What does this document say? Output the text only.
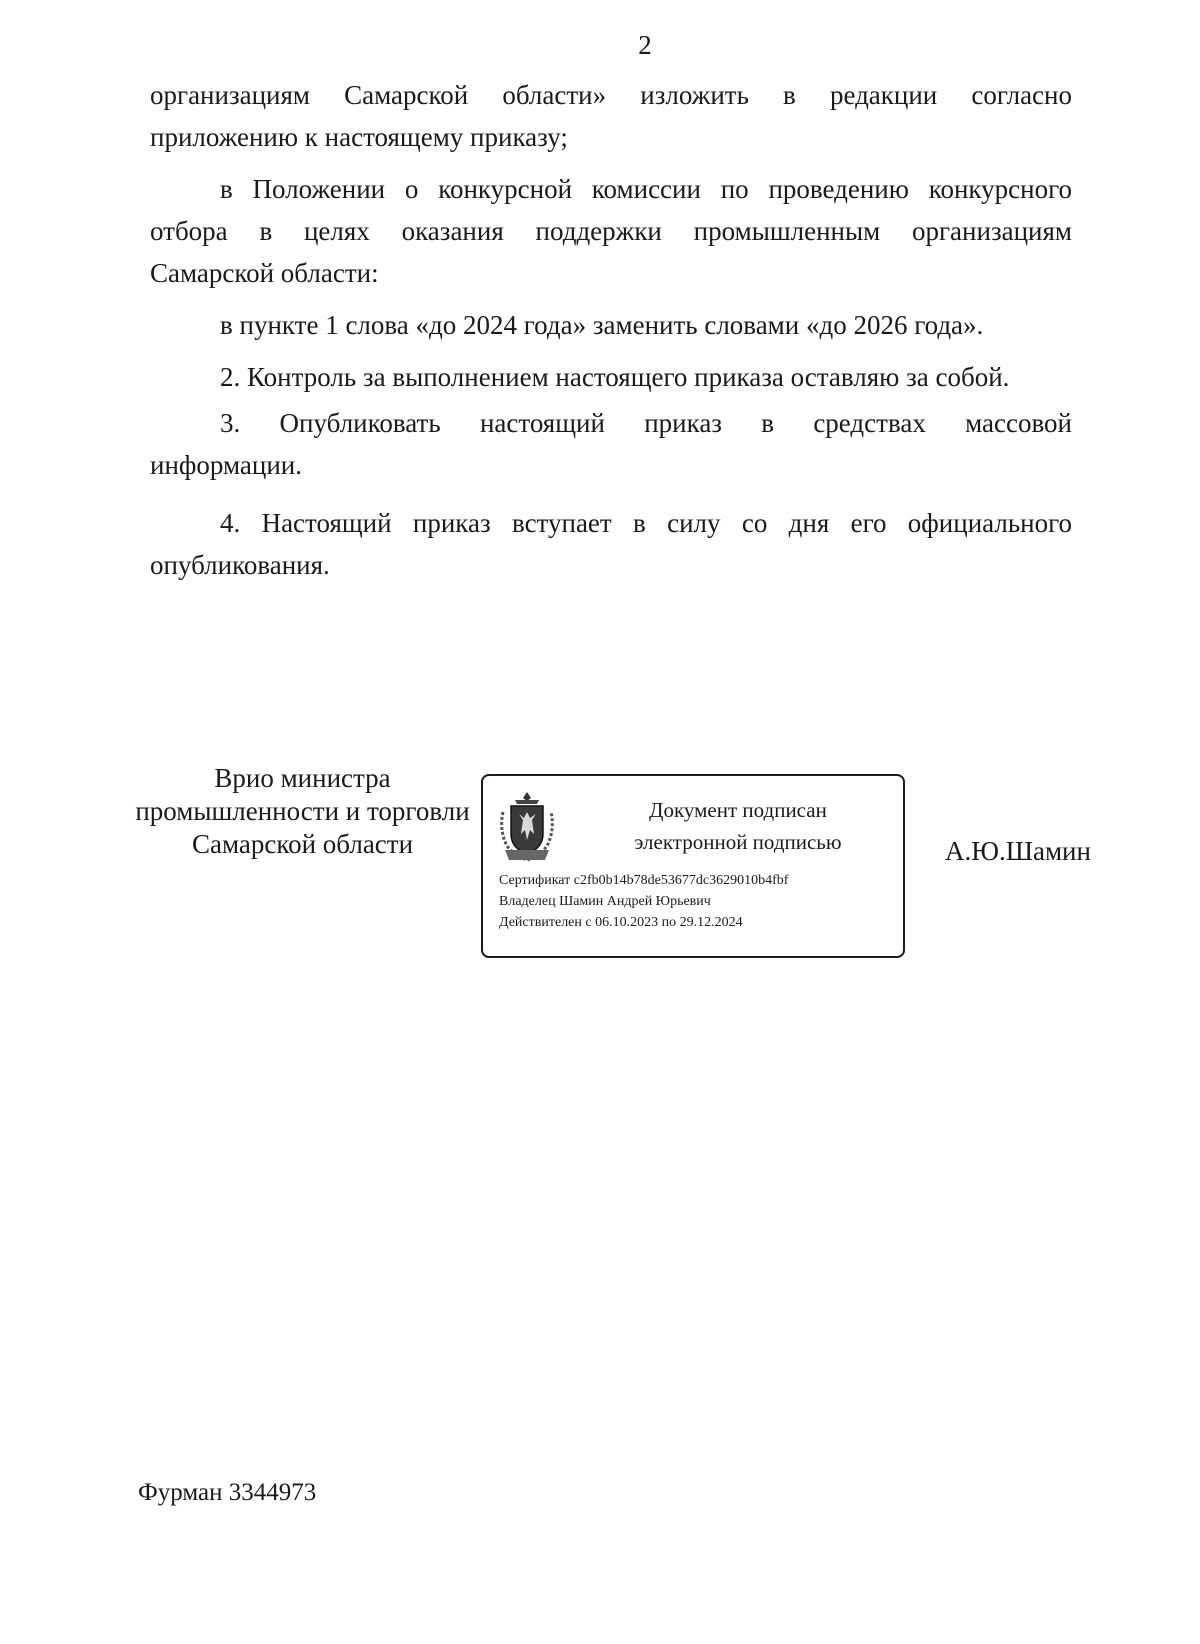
2
организациям Самарской области» изложить в редакции согласно
приложению к настоящему приказу;
в Положении о конкурсной комиссии по проведению конкурсного
отбора в целях оказания поддержки промышленным организациям
Самарской области:
в пункте 1 слова «до 2024 года» заменить словами «до 2026 года».
2. Контроль за выполнением настоящего приказа оставляю за собой.
3. Опубликовать настоящий приказ в средствах массовой
информации.
4. Настоящий приказ вступает в силу со дня его официального
опубликования.
Врио министра
промышленности и торговли
Самарской области
Документ подписан
электронной подписью
Сертификат c2fb0b14b78de53677dc3629010b4fbf
Владелец Шамин Андрей Юрьевич
Действителен с 06.10.2023 по 29.12.2024
А.Ю.Шамин
Фурман 3344973
